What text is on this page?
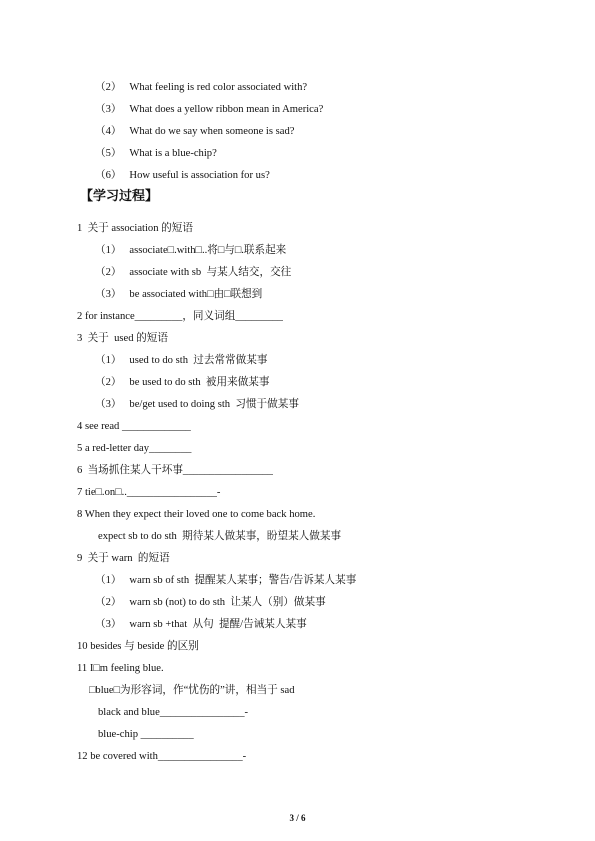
（2）   What feeling is red color associated with?
（3）   What does a yellow ribbon mean in America?
（4）   What do we say when someone is sad?
（5）   What is a blue-chip?
（6）   How useful is association for us?
【学习过程】
1  关于 association 的短语
（1）   associate□.with□..将□与□.联系起来
（2）   associate with sb  与某人结交，交往
（3）   be associated with□由□联想到
2 for instance_________，同义词组_________
3  关于  used 的短语
（1）   used to do sth  过去常常做某事
（2）   be used to do sth  被用来做某事
（3）   be/get used to doing sth  习惯于做某事
4 see read _____________
5 a red-letter day________
6  当场抓住某人干坏事_________________
7 tie□.on□.._________________-
8 When they expect their loved one to come back home.
expect sb to do sth  期待某人做某事，盼望某人做某事
9  关于 warn  的短语
（1）   warn sb of sth  提醒某人某事；警告/告诉某人某事
（2）   warn sb (not) to do sth  让某人（别）做某事
（3）   warn sb +that  从句  提醒/告诫某人某事
10 besides 与 beside 的区别
11 I□m feeling blue.
□blue□为形容词，作“忧伤的”讲，相当于 sad
black and blue________________-
blue-chip __________
12 be covered with________________-
3 / 6
